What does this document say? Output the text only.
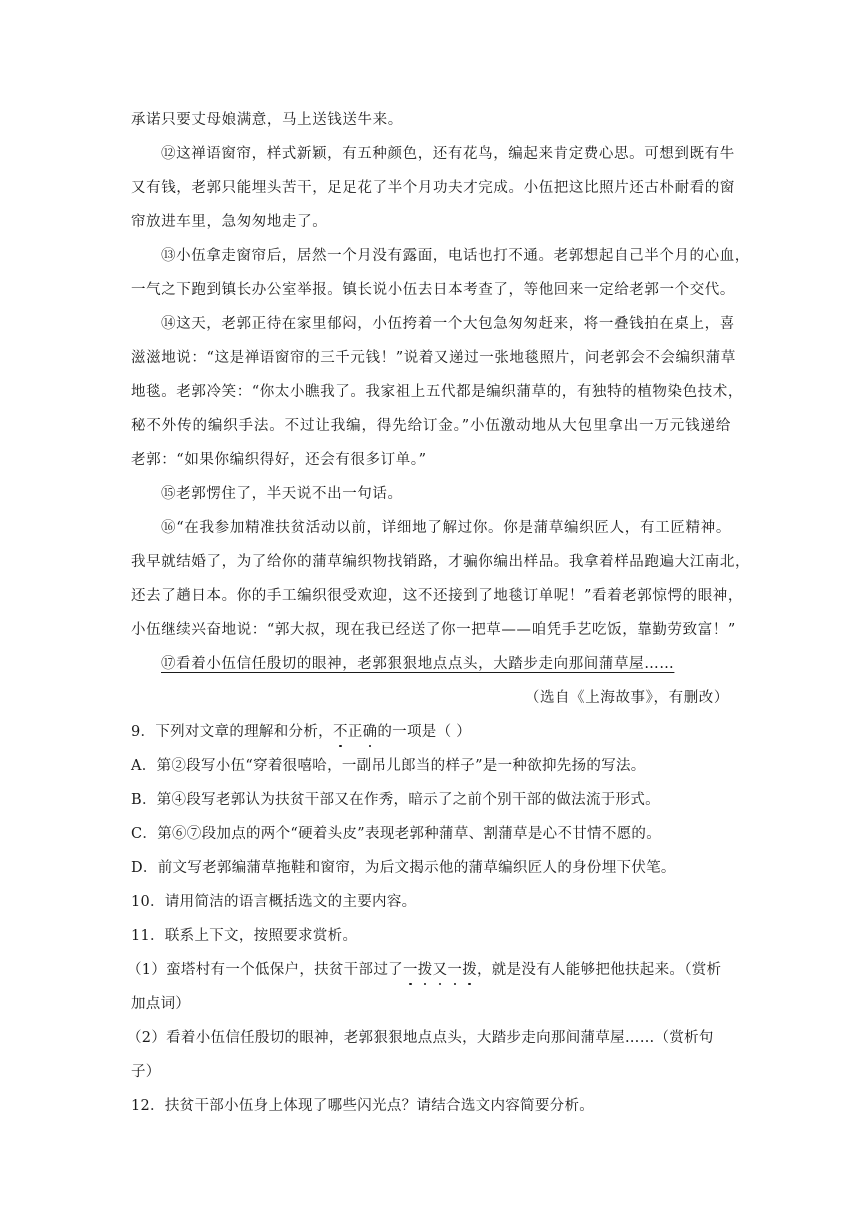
承诺只要丈母娘满意，马上送钱送牛来。
⑫这禅语窗帘，样式新颖，有五种颜色，还有花鸟，编起来肯定费心思。可想到既有牛
又有钱，老郭只能埋头苦干，足足花了半个月功夫才完成。小伍把这比照片还古朴耐看的窗
帘放进车里，急匆匆地走了。
⑬小伍拿走窗帘后，居然一个月没有露面，电话也打不通。老郭想起自己半个月的心血，
一气之下跑到镇长办公室举报。镇长说小伍去日本考查了，等他回来一定给老郭一个交代。
⑭这天，老郭正待在家里郁闷，小伍挎着一个大包急匆匆赶来，将一叠钱拍在桌上，喜
滋滋地说：“这是禅语窗帘的三千元钱！”说着又递过一张地毯照片，问老郭会不会编织蒲草
地毯。老郭冷笑：“你太小瞧我了。我家祖上五代都是编织蒲草的，有独特的植物染色技术，
秘不外传的编织手法。不过让我编，得先给订金。”小伍激动地从大包里拿出一万元钱递给
老郭：“如果你编织得好，还会有很多订单。”
⑮老郭愣住了，半天说不出一句话。
⑯“在我参加精准扶贫活动以前，详细地了解过你。你是蒲草编织匠人，有工匠精神。
我早就结婚了，为了给你的蒲草编织物找销路，才骗你编出样品。我拿着样品跑遍大江南北，
还去了趟日本。你的手工编织很受欢迎，这不还接到了地毯订单呢！”看着老郭惊愕的眼神，
小伍继续兴奋地说：“郭大叔，现在我已经送了你一把草——咱凭手艺吃饭，靠勤劳致富！”
⑰看着小伍信任殷切的眼神，老郭狠狠地点点头，大踏步走向那间蒲草屋……
（选自《上海故事》，有删改）
9．下列对文章的理解和分析，不正确的一项是（ ）
A．第②段写小伍“穿着很嘻哈，一副吊儿郎当的样子”是一种欲抑先扬的写法。
B．第④段写老郭认为扶贫干部又在作秀，暗示了之前个别干部的做法流于形式。
C．第⑥⑦段加点的两个“硬着头皮”表现老郭种蒲草、割蒲草是心不甘情不愿的。
D．前文写老郭编蒲草拖鞋和窗帘，为后文揭示他的蒲草编织匠人的身份埋下伏笔。
10．请用简洁的语言概括选文的主要内容。
11．联系上下文，按照要求赏析。
（1）蛮塔村有一个低保户，扶贫干部过了一拨又一拨，就是没有人能够把他扶起来。（赏析
加点词）
（2）看着小伍信任殷切的眼神，老郭狠狠地点点头，大踏步走向那间蒲草屋……（赏析句
子）
12．扶贫干部小伍身上体现了哪些闪光点？请结合选文内容简要分析。
